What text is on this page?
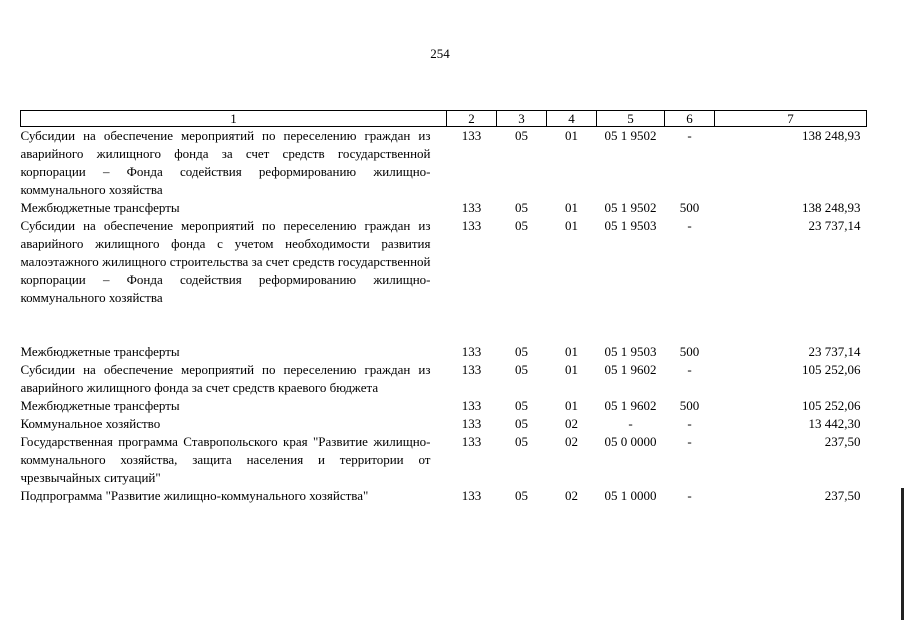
254
1	2	3	4	5	6	7
Субсидии на обеспечение мероприятий по переселению граждан из аварийного жилищного фонда за счет средств государственной корпорации – Фонда содействия реформированию жилищно-коммунального хозяйства	133	05	01	05 1 9502	-	138 248,93
Межбюджетные трансферты	133	05	01	05 1 9502	500	138 248,93
Субсидии на обеспечение мероприятий по переселению граждан из аварийного жилищного фонда с учетом необходимости развития малоэтажного жилищного строительства за счет средств государственной корпорации – Фонда содействия реформированию жилищно-коммунального хозяйства	133	05	01	05 1 9503	-	23 737,14

Межбюджетные трансферты	133	05	01	05 1 9503	500	23 737,14
Субсидии на обеспечение мероприятий по переселению граждан из аварийного жилищного фонда за счет средств краевого бюджета	133	05	01	05 1 9602	-	105 252,06
Межбюджетные трансферты	133	05	01	05 1 9602	500	105 252,06
Коммунальное хозяйство	133	05	02	-	-	13 442,30
Государственная программа Ставропольского края "Развитие жилищно-коммунального хозяйства, защита населения и территории от чрезвычайных ситуаций"	133	05	02	05 0 0000	-	237,50
Подпрограмма "Развитие жилищно-коммунального хозяйства"	133	05	02	05 1 0000	-	237,50
